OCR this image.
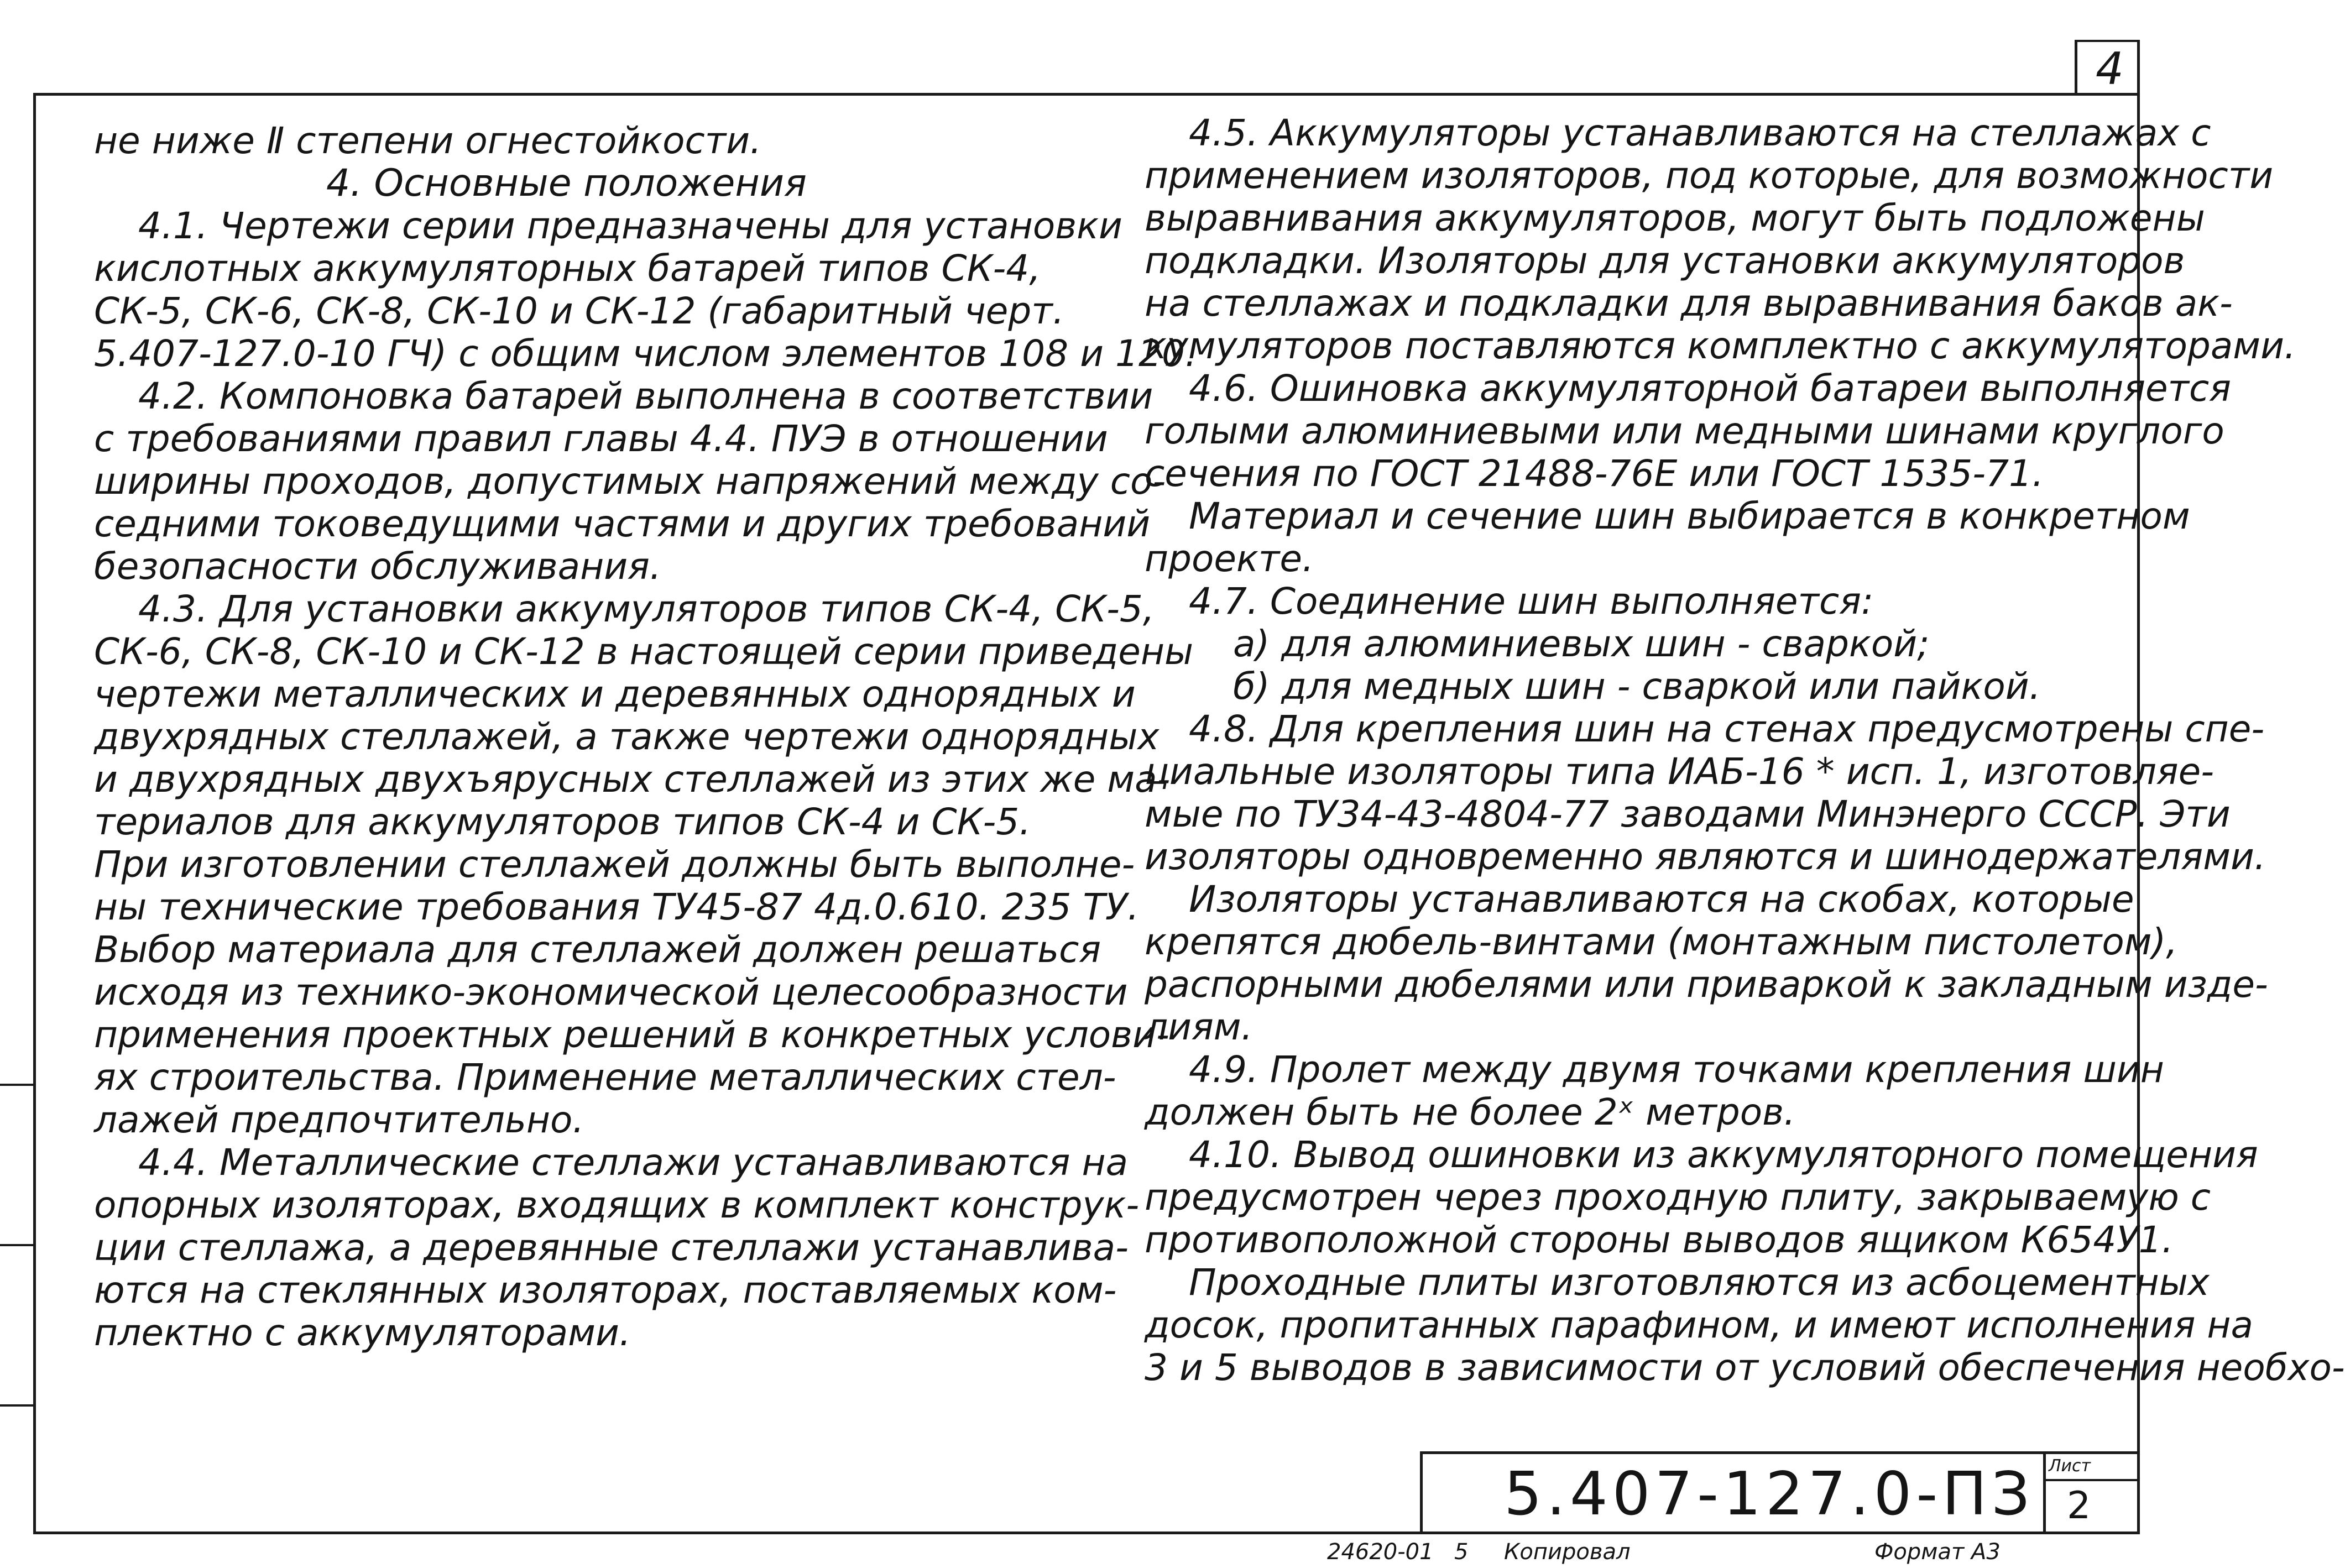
4
не ниже Ⅱ степени огнестойкости.
4. Основные положения
4.1. Чертежи серии предназначены для установки
кислотных аккумуляторных батарей типов СК-4,
СК-5, СК-6, СК-8, СК-10 и СК-12 (габаритный черт.
5.407-127.0-10 ГЧ) с общим числом элементов 108 и 120.
4.2. Компоновка батарей выполнена в соответствии
с требованиями правил главы 4.4. ПУЭ в отношении
ширины проходов, допустимых напряжений между со-
седними токоведущими частями и других требований
безопасности обслуживания.
4.3. Для установки аккумуляторов типов СК-4, СК-5,
СК-6, СК-8, СК-10 и СК-12 в настоящей серии приведены
чертежи металлических и деревянных однорядных и
двухрядных стеллажей, а также чертежи однорядных
и двухрядных двухъярусных стеллажей из этих же ма-
териалов для аккумуляторов типов СК-4 и СК-5.
При изготовлении стеллажей должны быть выполне-
ны технические требования ТУ45-87 4д.0.610. 235 ТУ.
Выбор материала для стеллажей должен решаться
исходя из технико-экономической целесообразности
применения проектных решений в конкретных услови-
ях строительства. Применение металлических стел-
лажей предпочтительно.
4.4. Металлические стеллажи устанавливаются на
опорных изоляторах, входящих в комплект конструк-
ции стеллажа, а деревянные стеллажи устанавлива-
ются на стеклянных изоляторах, поставляемых ком-
плектно с аккумуляторами.
4.5. Аккумуляторы устанавливаются на стеллажах с
применением изоляторов, под которые, для возможности
выравнивания аккумуляторов, могут быть подложены
подкладки. Изоляторы для установки аккумуляторов
на стеллажах и подкладки для выравнивания баков ак-
кумуляторов поставляются комплектно с аккумуляторами.
4.6. Ошиновка аккумуляторной батареи выполняется
голыми алюминиевыми или медными шинами круглого
сечения по ГОСТ 21488-76Е или ГОСТ 1535-71.
Материал и сечение шин выбирается в конкретном
проекте.
4.7. Соединение шин выполняется:
а) для алюминиевых шин - сваркой;
б) для медных шин - сваркой или пайкой.
4.8. Для крепления шин на стенах предусмотрены спе-
циальные изоляторы типа ИАБ-16 * исп. 1, изготовляе-
мые по ТУ34-43-4804-77 заводами Минэнерго СССР. Эти
изоляторы одновременно являются и шинодержателями.
Изоляторы устанавливаются на скобах, которые
крепятся дюбель-винтами (монтажным пистолетом),
распорными дюбелями или приваркой к закладным изде-
лиям.
4.9. Пролет между двумя точками крепления шин
должен быть не более 2ˣ метров.
4.10. Вывод ошиновки из аккумуляторного помещения
предусмотрен через проходную плиту, закрываемую с
противоположной стороны выводов ящиком К654У1.
Проходные плиты изготовляются из асбоцементных
досок, пропитанных парафином, и имеют исполнения на
3 и 5 выводов в зависимости от условий обеспечения необхо-
5.407-127.0-ПЗ Лист
2
24620-01 5 Копировал	Формат А3
